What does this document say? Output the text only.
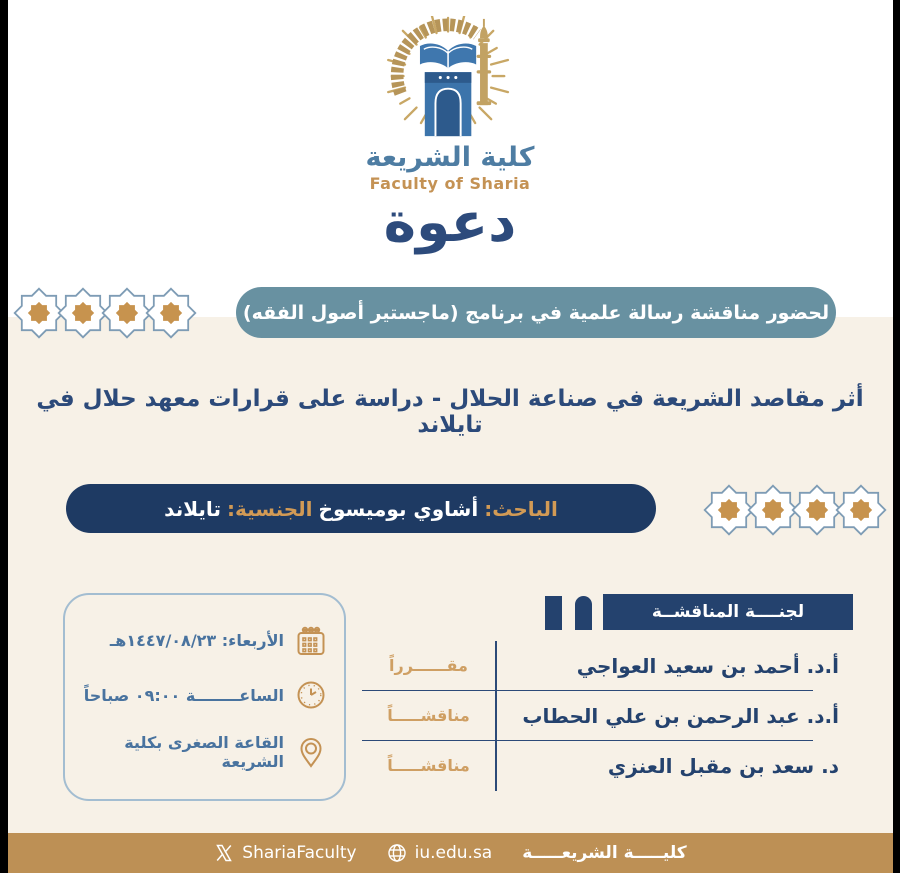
كلية الشريعة
Faculty of Sharia
دعوة
لحضور مناقشة رسالة علمية في برنامج (ماجستير أصول الفقه)
أثر مقاصد الشريعة في صناعة الحلال - دراسة على قرارات معهد حلال في تايلاند
الباحث:
أشاوي بوميسوخ
الجنسية:
تايلاند
الأربعاء: ١٤٤٧/٠٨/٢٣هـ
الساعــــــــة ٠٩:٠٠ صباحاً
القاعة الصغرى بكلية الشريعة
لجنــــة المناقشــة
مقــــــرراً	أ.د. أحمد بن سعيد العواجي
مناقشـــــاً	أ.د. عبد الرحمن بن علي الحطاب
مناقشـــــاً	د. سعد بن مقبل العنزي
ShariaFaculty	iu.edu.sa كليـــــة الشريعـــــة
